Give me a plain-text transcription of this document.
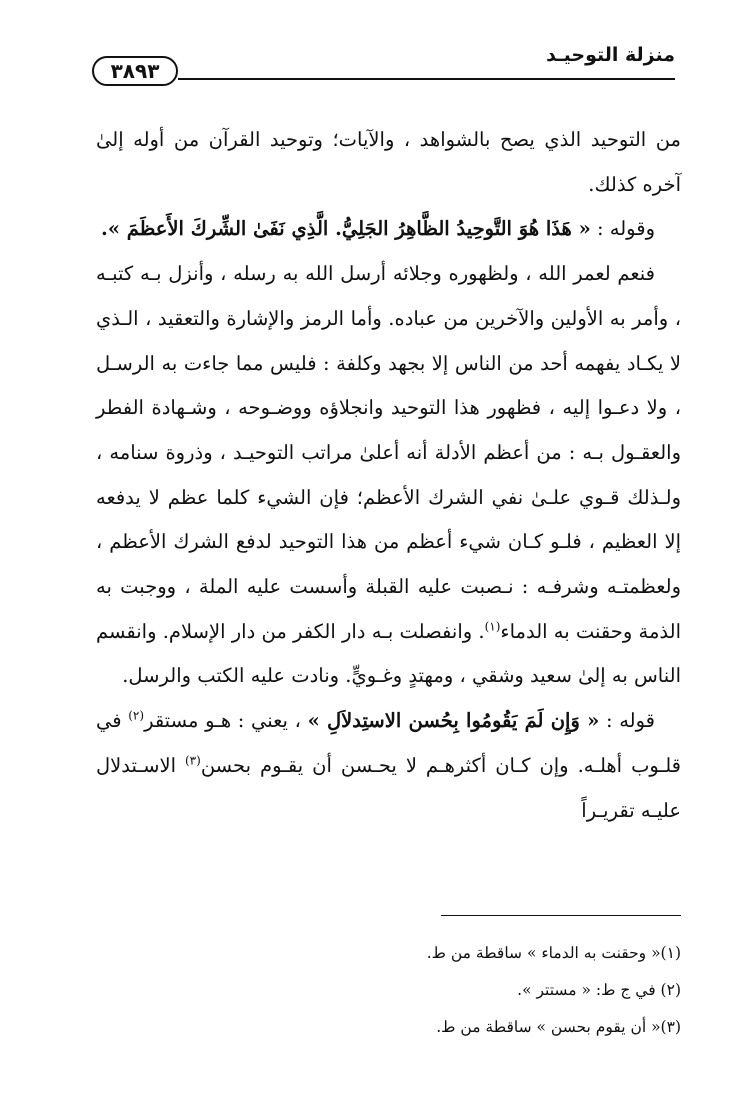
منزلة التوحيـد
٣٨٩٣

من التوحيد الذي يصح بالشواهد ، والآيات؛ وتوحيد القرآن من أوله إلىٰ آخره كذلك.

وقوله : « هَذَا هُوَ التَّوحِيدُ الظَّاهِرُ الجَلِيُّ. الَّذِي نَفَىٰ الشِّركَ الأَعظَمَ ».

فنعم لعمر الله ، ولظهوره وجلائه أرسل الله به رسله ، وأنزل بـه كتبـه ، وأمر به الأولين والآخرين من عباده. وأما الرمز والإشارة والتعقيد ، الـذي لا يكـاد يفهمه أحد من الناس إلا بجهد وكلفة : فليس مما جاءت به الرسـل ، ولا دعـوا إليه ، فظهور هذا التوحيد وانجلاؤه ووضـوحه ، وشـهادة الفطر والعقـول بـه : من أعظم الأدلة أنه أعلىٰ مراتب التوحيـد ، وذروة سنامه ، ولـذلك قـوي علـىٰ نفي الشرك الأعظم؛ فإن الشيء كلما عظم لا يدفعه إلا العظيم ، فلـو كـان شيء أعظم من هذا التوحيد لدفع الشرك الأعظم ، ولعظمتـه وشرفـه : نـصبت عليه القبلة وأسست عليه الملة ، ووجبت به الذمة وحقنت به الدماء$^{(١)}$. وانفصلت بـه دار الكفر من دار الإسلام. وانقسم الناس به إلىٰ سعيد وشقي ، ومهتدٍ وغـويٍّ. ونادت عليه الكتب والرسل.

قوله : « وَإِن لَمَ يَقُومُوا بِحُسن الاستِدلاَلِ » ، يعني : هـو مستقر$^{(٢)}$ في قلـوب أهلـه. وإن كـان أكثرهـم لا يحـسن أن يقـوم بحسن$^{(٣)}$ الاسـتدلال عليـه تقريـراً

(١)« وحقنت به الدماء » ساقطة من ط.
(٢) في ج ط: « مستتر ».
(٣)« أن يقوم بحسن » ساقطة من ط.
